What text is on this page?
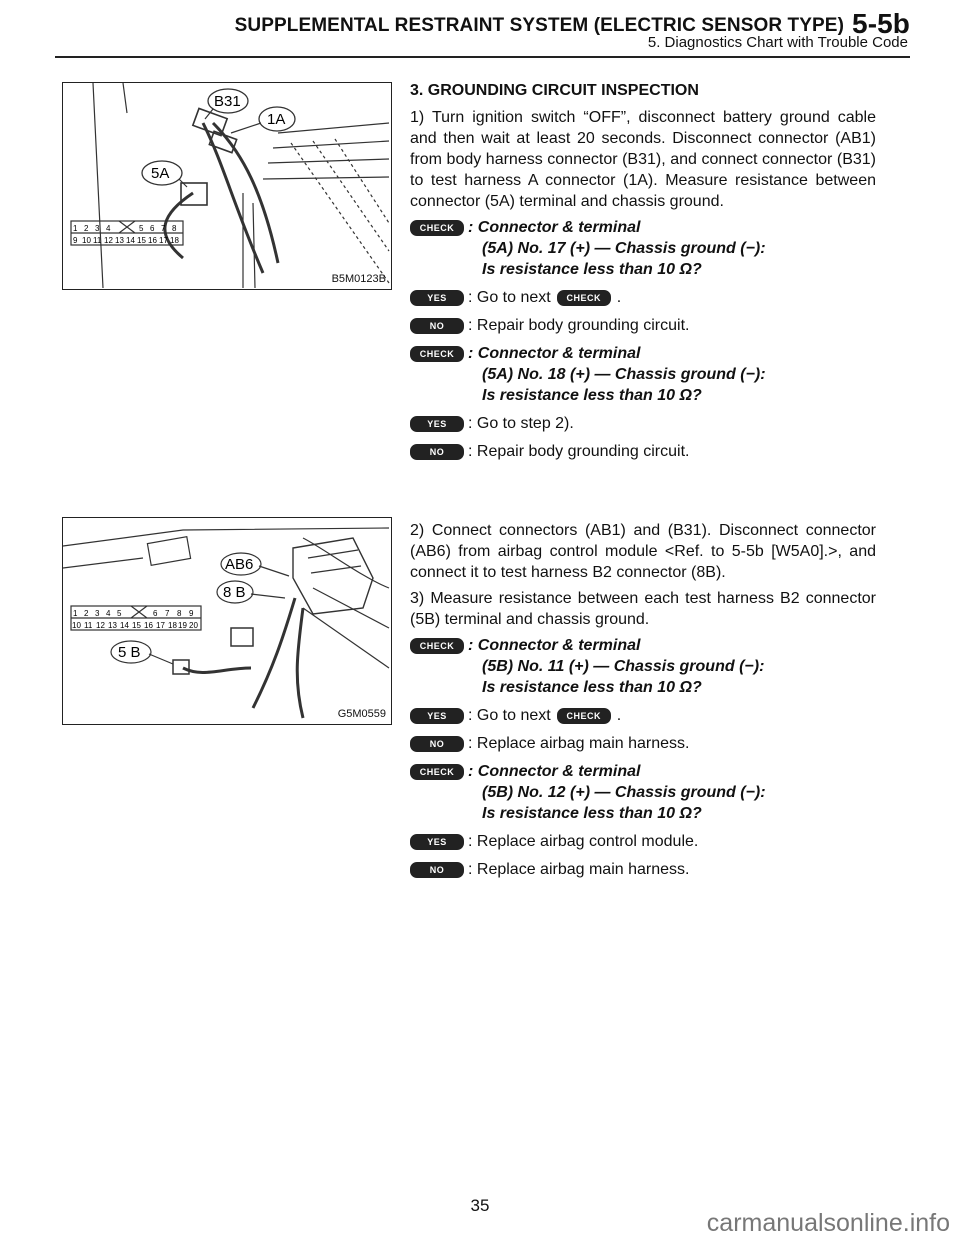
SUPPLEMENTAL RESTRAINT SYSTEM (ELECTRIC SENSOR TYPE) 5-5b
5. Diagnostics Chart with Trouble Code
B31
1A
5A
1 2 3 4	5 6 7 8
9 10 11 12 13 14 15 16 17 18
B5M0123B
AB6
8 B
5 B
1 2 3 4 5	6 7 8 9
10 11 12 13 14 15 16 17 18 19 20
G5M0559
3. GROUNDING CIRCUIT INSPECTION

1) Turn ignition switch “OFF”, disconnect battery ground cable and then wait at least 20 seconds. Disconnect connector (AB1) from body harness connector (B31), and connect connector (B31) to test harness A connector (1A). Measure resistance between connector (5A) terminal and chassis ground.

CHECK : Connector & terminal
(5A) No. 17 (+) — Chassis ground (−):
Is resistance less than 10 Ω?
YES	: Go to next CHECK .
NO	: Repair body grounding circuit.
CHECK : Connector & terminal
(5A) No. 18 (+) — Chassis ground (−):
Is resistance less than 10 Ω?
YES	: Go to step 2).
NO	: Repair body grounding circuit.

2) Connect connectors (AB1) and (B31). Disconnect connector (AB6) from airbag control module <Ref. to 5-5b [W5A0].>, and connect it to test harness B2 connector (8B).

3) Measure resistance between each test harness B2 connector (5B) terminal and chassis ground.

CHECK : Connector & terminal
(5B) No. 11 (+) — Chassis ground (−):
Is resistance less than 10 Ω?
YES	: Go to next CHECK .
NO	: Replace airbag main harness.
CHECK : Connector & terminal
(5B) No. 12 (+) — Chassis ground (−):
Is resistance less than 10 Ω?
YES	: Replace airbag control module.
NO	: Replace airbag main harness.
35
carmanualsonline.info
